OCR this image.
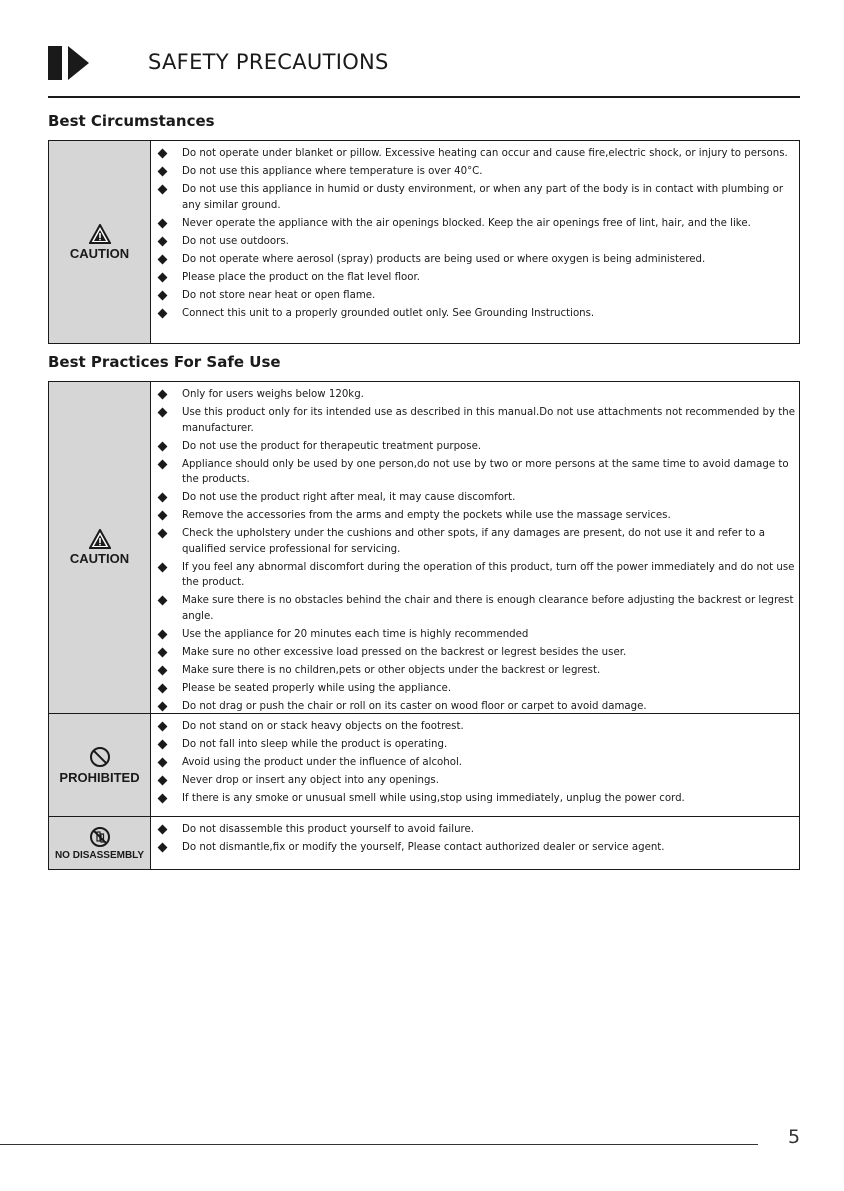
SAFETY PRECAUTIONS
Best Circumstances
CAUTION
Do not operate under blanket or pillow. Excessive heating can occur and cause fire,electric shock, or injury to persons.
Do not use this appliance where temperature is over 40°C.
Do not use this appliance in humid or dusty environment, or when any part of the body is in contact with plumbing or any similar ground.
Never operate the appliance with the air openings blocked. Keep the air openings free of lint, hair, and the like.
Do not use outdoors.
Do not operate where aerosol (spray) products are being used or where oxygen is being administered.
Please place the product on the flat level floor.
Do not store near heat or open flame.
Connect this unit to a properly grounded outlet only. See Grounding Instructions.
Best Practices For Safe Use
CAUTION
Only for users weighs below 120kg.
Use this product only for its intended use as described in this manual.Do not use attachments not recommended by the manufacturer.
Do not use the product for therapeutic treatment purpose.
Appliance should only be used by one person,do not use by two or more persons at the same time to avoid damage to the products.
Do not use the product right after meal, it may cause discomfort.
Remove the accessories from the arms and empty the pockets while use the massage services.
Check the upholstery under the cushions and other spots, if any damages are present, do not use it and refer to a qualified service professional for servicing.
If you feel any abnormal discomfort during the operation of this product, turn off the power immediately and do not use the product.
Make sure there is no obstacles behind the chair and there is enough clearance before adjusting the backrest or legrest angle.
Use the appliance for 20 minutes each time is highly recommended
Make sure no other excessive load pressed on the backrest or legrest besides the user.
Make sure there is no children,pets or other objects under the backrest or legrest.
Please be seated properly while using the appliance.
Do not drag or push the chair or roll on its caster on wood floor or carpet to avoid damage.
PROHIBITED
Do not stand on or stack heavy objects on the footrest.
Do not fall into sleep while the product is operating.
Avoid using the product under the influence of alcohol.
Never drop or insert any object into any openings.
If there is any smoke or unusual smell while using,stop using immediately, unplug the power cord.
NO DISASSEMBLY
Do not disassemble this product yourself to avoid failure.
Do not dismantle,fix or modify the yourself, Please contact authorized dealer or service agent.
5
